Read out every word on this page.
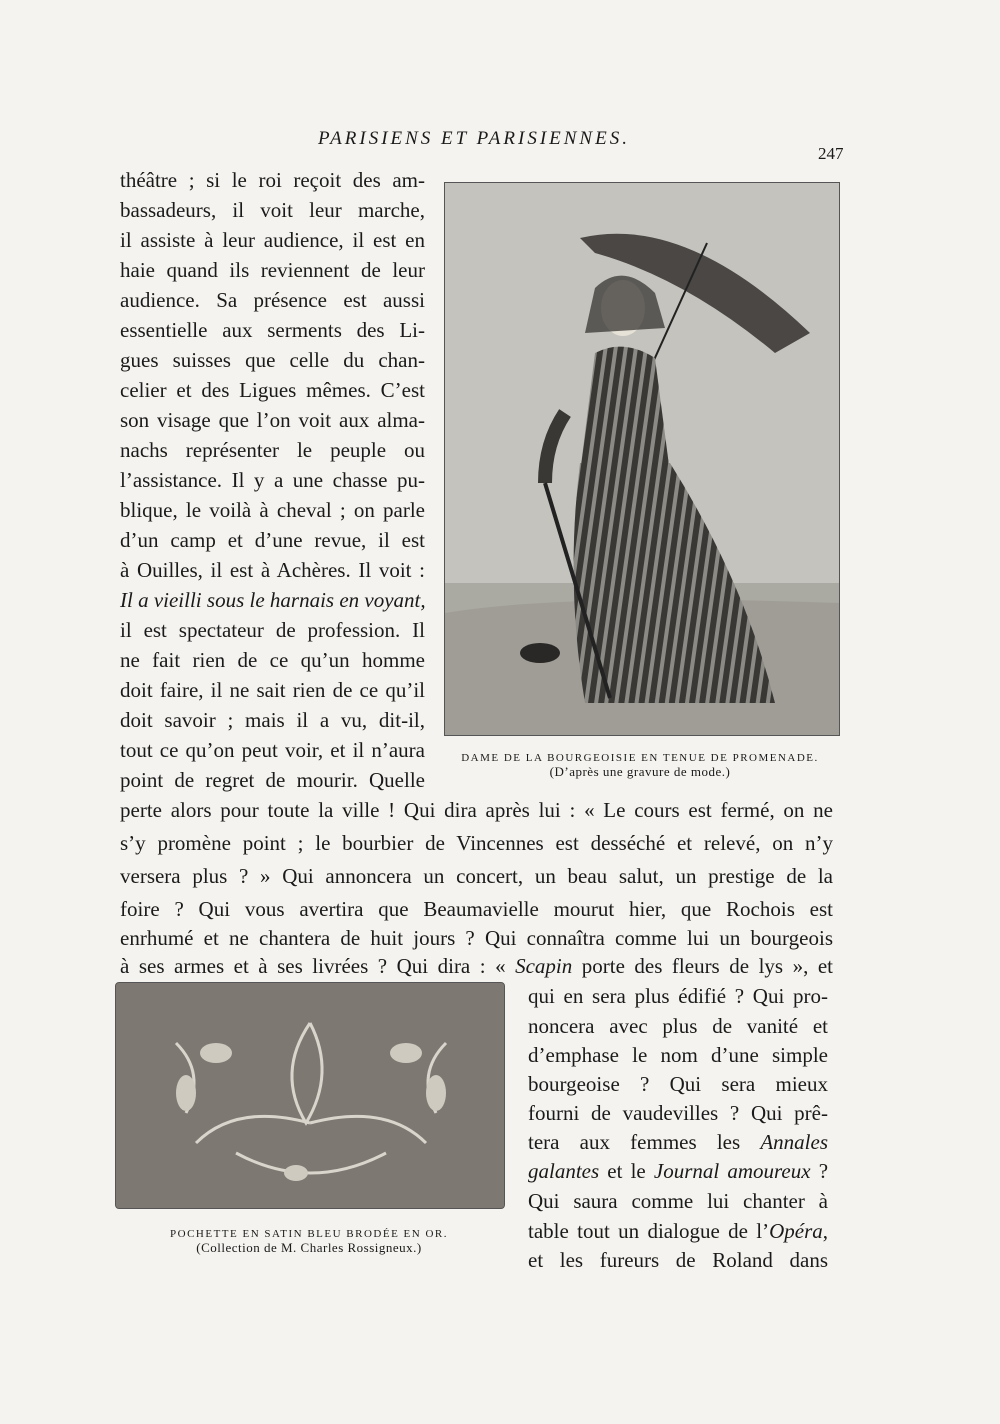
PARISIENS ET PARISIENNES.
247
théâtre ; si le roi reçoit des am-
bassadeurs, il voit leur marche,
il assiste à leur audience, il est en
haie quand ils reviennent de leur
audience. Sa présence est aussi
essentielle aux serments des Li-
gues suisses que celle du chan-
celier et des Ligues mêmes. C’est
son visage que l’on voit aux alma-
nachs représenter le peuple ou
l’assistance. Il y a une chasse pu-
blique, le voilà à cheval ; on parle
d’un camp et d’une revue, il est
à Ouilles, il est à Achères. Il voit :
Il a vieilli sous le harnais en voyant,
il est spectateur de profession. Il
ne fait rien de ce qu’un homme
doit faire, il ne sait rien de ce qu’il
doit savoir ; mais il a vu, dit-il,
tout ce qu’on peut voir, et il n’aura
point de regret de mourir. Quelle
DAME DE LA BOURGEOISIE EN TENUE DE PROMENADE.
(D’après une gravure de mode.)
perte alors pour toute la ville ! Qui dira après lui : « Le cours est fermé, on ne
s’y promène point ; le bourbier de Vincennes est desséché et relevé, on n’y
versera plus ? » Qui annoncera un concert, un beau salut, un prestige de la
foire ? Qui vous avertira que Beaumavielle mourut hier, que Rochois est
enrhumé et ne chantera de huit jours ? Qui connaîtra comme lui un bourgeois
à ses armes et à ses livrées ? Qui dira : « Scapin porte des fleurs de lys », et
POCHETTE EN SATIN BLEU BRODÉE EN OR.
(Collection de M. Charles Rossigneux.)
qui en sera plus édifié ? Qui pro-
noncera avec plus de vanité et
d’emphase le nom d’une simple
bourgeoise ? Qui sera mieux
fourni de vaudevilles ? Qui prê-
tera aux femmes les Annales
galantes et le Journal amoureux ?
Qui saura comme lui chanter à
table tout un dialogue de l’Opéra,
et les fureurs de Roland dans
